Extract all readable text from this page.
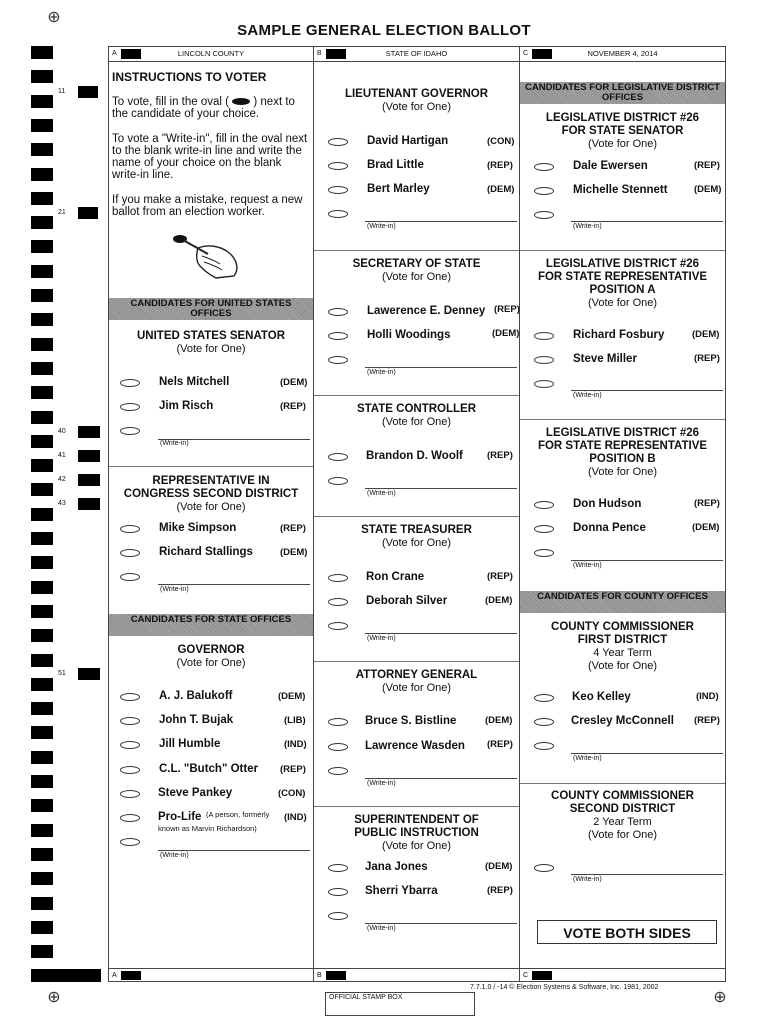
SAMPLE GENERAL ELECTION BALLOT
⊕
⊕	⊕
11
21
40
41
42
43
51
A	LINCOLN COUNTY	B	STATE OF IDAHO	C	NOVEMBER 4, 2014
A	B	C
INSTRUCTIONS TO VOTER
To vote, fill in the oval ( ) next to the candidate of your choice.
To vote a "Write-in", fill in the oval next to the blank write-in line and write the name of your choice on the blank write-in line.
If you make a mistake, request a new ballot from an election worker.
CANDIDATES FOR UNITED STATES OFFICES
UNITED STATES SENATOR
(Vote for One)
Nels Mitchell	(DEM)
Jim Risch	(REP)
(Write-in)
REPRESENTATIVE IN
CONGRESS SECOND DISTRICT
(Vote for One)
Mike Simpson	(REP)
Richard Stallings	(DEM)
(Write-in)
CANDIDATES FOR STATE OFFICES
GOVERNOR
(Vote for One)
A. J. Balukoff	(DEM)
John T. Bujak	(LIB)
Jill Humble	(IND)
C.L. "Butch" Otter (REP)
Steve Pankey	(CON)
Pro-Life (A person, formerly
known as Marvin Richardson)
(IND)
(Write-in)
LIEUTENANT GOVERNOR
(Vote for One)
David Hartigan	(CON)
Brad Little	(REP)
Bert Marley	(DEM)
(Write-in)
SECRETARY OF STATE
(Vote for One)
Lawerence E. Denney (REP)
Holli Woodings	(DEM)
(Write-in)
STATE CONTROLLER
(Vote for One)
Brandon D. Woolf	(REP)
(Write-in)
STATE TREASURER
(Vote for One)
Ron Crane	(REP)
Deborah Silver	(DEM)
(Write-in)
ATTORNEY GENERAL
(Vote for One)
Bruce S. Bistline	(DEM)
Lawrence Wasden (REP)
(Write-in)
SUPERINTENDENT OF
PUBLIC INSTRUCTION
(Vote for One)
Jana Jones	(DEM)
Sherri Ybarra	(REP)
(Write-in)
CANDIDATES FOR LEGISLATIVE DISTRICT OFFICES
LEGISLATIVE DISTRICT #26
FOR STATE SENATOR
(Vote for One)
Dale Ewersen	(REP)
Michelle Stennett	(DEM)
(Write-in)
LEGISLATIVE DISTRICT #26
FOR STATE REPRESENTATIVE
POSITION A
(Vote for One)
Richard Fosbury	(DEM)
Steve Miller	(REP)
(Write-in)
LEGISLATIVE DISTRICT #26
FOR STATE REPRESENTATIVE
POSITION B
(Vote for One)
Don Hudson	(REP)
Donna Pence	(DEM)
(Write-in)
CANDIDATES FOR COUNTY OFFICES
COUNTY COMMISSIONER
FIRST DISTRICT
4 Year Term
(Vote for One)
Keo Kelley	(IND)
Cresley McConnell (REP)
(Write-in)
COUNTY COMMISSIONER
SECOND DISTRICT
2 Year Term
(Vote for One)
(Write-in)
VOTE BOTH SIDES
7.7.1.0 / -14 © Election Systems & Software, Inc. 1981, 2002
OFFICIAL STAMP BOX
